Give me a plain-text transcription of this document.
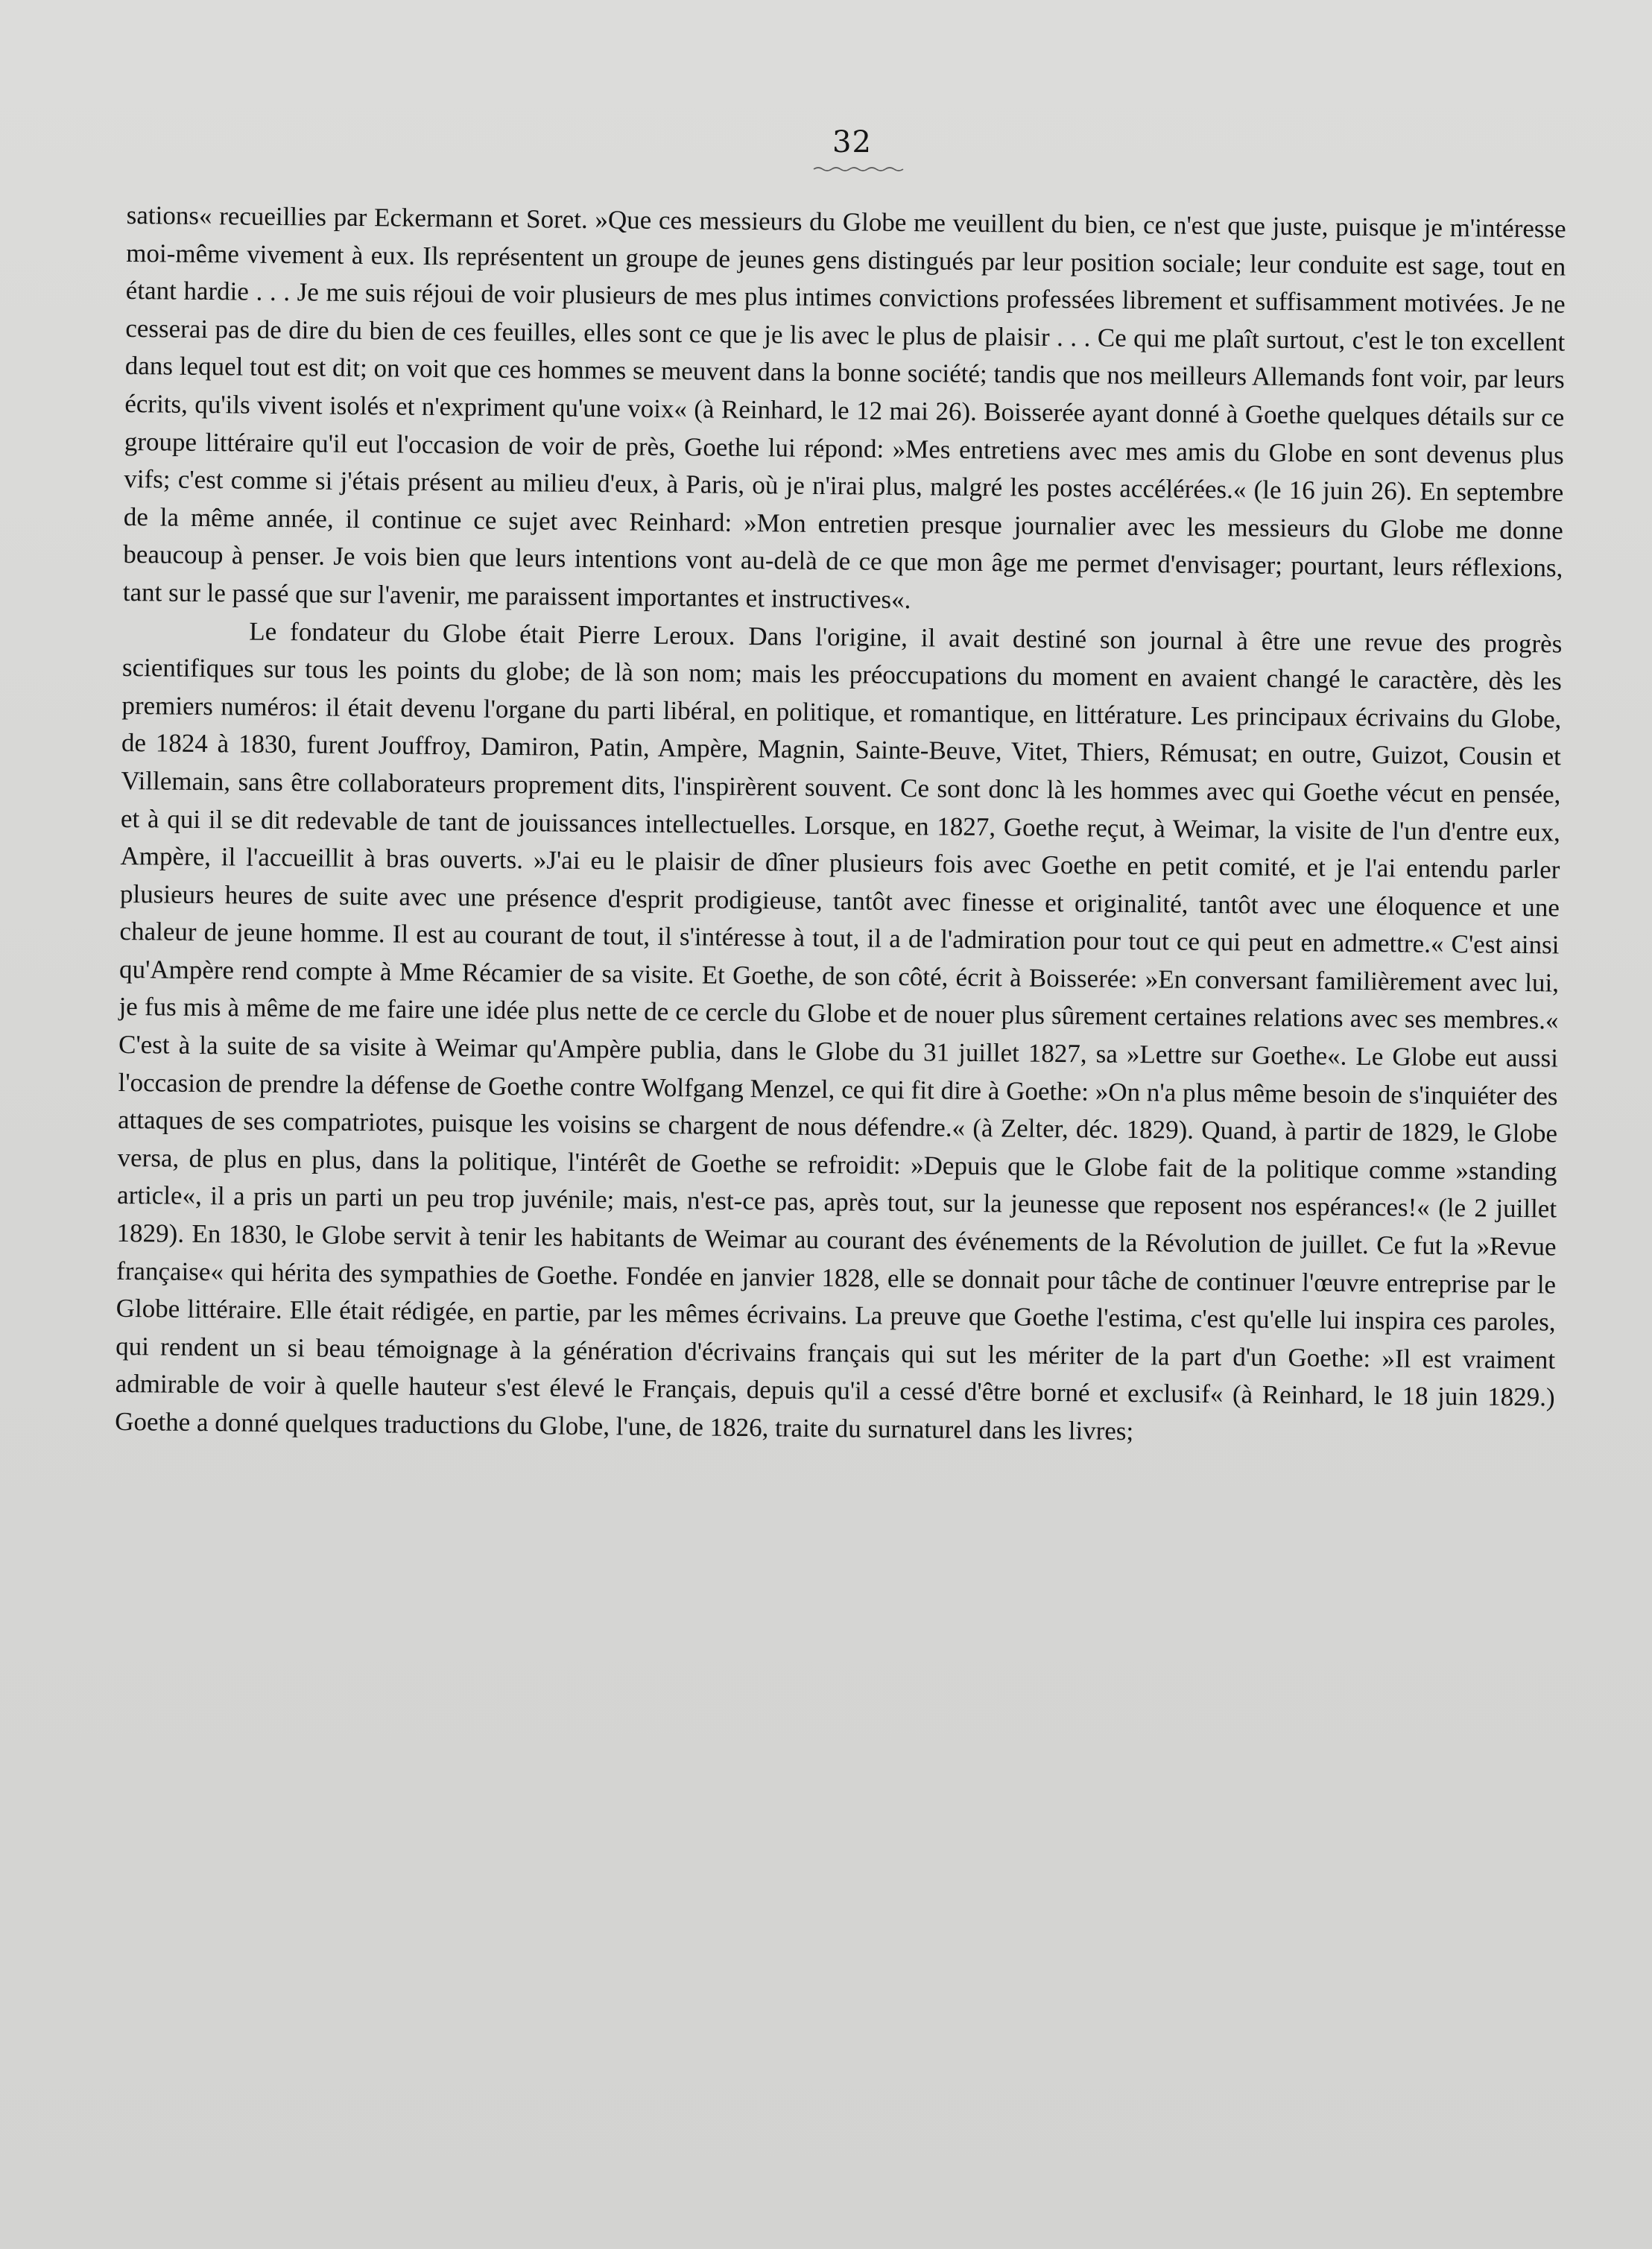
32

sations« recueillies par Eckermann et Soret. »Que ces messieurs du Globe me veuillent du bien, ce n'est que juste, puisque je m'intéresse moi-même vivement à eux. Ils représentent un groupe de jeunes gens distingués par leur position sociale; leur conduite est sage, tout en étant hardie . . . Je me suis réjoui de voir plusieurs de mes plus intimes convictions professées librement et suffisamment motivées. Je ne cesserai pas de dire du bien de ces feuilles, elles sont ce que je lis avec le plus de plaisir . . . Ce qui me plaît surtout, c'est le ton excellent dans lequel tout est dit; on voit que ces hommes se meuvent dans la bonne société; tandis que nos meilleurs Allemands font voir, par leurs écrits, qu'ils vivent isolés et n'expriment qu'une voix« (à Reinhard, le 12 mai 26). Boisserée ayant donné à Goethe quelques détails sur ce groupe littéraire qu'il eut l'occasion de voir de près, Goethe lui répond: »Mes entretiens avec mes amis du Globe en sont devenus plus vifs; c'est comme si j'étais présent au milieu d'eux, à Paris, où je n'irai plus, malgré les postes accélérées.« (le 16 juin 26). En septembre de la même année, il continue ce sujet avec Reinhard: »Mon entretien presque journalier avec les messieurs du Globe me donne beaucoup à penser. Je vois bien que leurs intentions vont au-delà de ce que mon âge me permet d'envisager; pourtant, leurs réflexions, tant sur le passé que sur l'avenir, me paraissent importantes et instructives«.

Le fondateur du Globe était Pierre Leroux. Dans l'origine, il avait destiné son journal à être une revue des progrès scientifiques sur tous les points du globe; de là son nom; mais les préoccupations du moment en avaient changé le caractère, dès les premiers numéros: il était devenu l'organe du parti libéral, en politique, et romantique, en littérature. Les principaux écrivains du Globe, de 1824 à 1830, furent Jouffroy, Damiron, Patin, Ampère, Magnin, Sainte-Beuve, Vitet, Thiers, Rémusat; en outre, Guizot, Cousin et Villemain, sans être collaborateurs proprement dits, l'inspirèrent souvent. Ce sont donc là les hommes avec qui Goethe vécut en pensée, et à qui il se dit redevable de tant de jouissances intellectuelles. Lorsque, en 1827, Goethe reçut, à Weimar, la visite de l'un d'entre eux, Ampère, il l'accueillit à bras ouverts. »J'ai eu le plaisir de dîner plusieurs fois avec Goethe en petit comité, et je l'ai entendu parler plusieurs heures de suite avec une présence d'esprit prodigieuse, tantôt avec finesse et originalité, tantôt avec une éloquence et une chaleur de jeune homme. Il est au courant de tout, il s'intéresse à tout, il a de l'admiration pour tout ce qui peut en admettre.« C'est ainsi qu'Ampère rend compte à Mme Récamier de sa visite. Et Goethe, de son côté, écrit à Boisserée: »En conversant familièrement avec lui, je fus mis à même de me faire une idée plus nette de ce cercle du Globe et de nouer plus sûrement certaines relations avec ses membres.« C'est à la suite de sa visite à Weimar qu'Ampère publia, dans le Globe du 31 juillet 1827, sa »Lettre sur Goethe«. Le Globe eut aussi l'occasion de prendre la défense de Goethe contre Wolfgang Menzel, ce qui fit dire à Goethe: »On n'a plus même besoin de s'inquiéter des attaques de ses compatriotes, puisque les voisins se chargent de nous défendre.« (à Zelter, déc. 1829). Quand, à partir de 1829, le Globe versa, de plus en plus, dans la politique, l'intérêt de Goethe se refroidit: »Depuis que le Globe fait de la politique comme »standing article«, il a pris un parti un peu trop juvénile; mais, n'est-ce pas, après tout, sur la jeunesse que reposent nos espérances!« (le 2 juillet 1829). En 1830, le Globe servit à tenir les habitants de Weimar au courant des événements de la Révolution de juillet. Ce fut la »Revue française« qui hérita des sympathies de Goethe. Fondée en janvier 1828, elle se donnait pour tâche de continuer l'œuvre entreprise par le Globe littéraire. Elle était rédigée, en partie, par les mêmes écrivains. La preuve que Goethe l'estima, c'est qu'elle lui inspira ces paroles, qui rendent un si beau témoignage à la génération d'écrivains français qui sut les mériter de la part d'un Goethe: »Il est vraiment admirable de voir à quelle hauteur s'est élevé le Français, depuis qu'il a cessé d'être borné et exclusif« (à Reinhard, le 18 juin 1829.) Goethe a donné quelques traductions du Globe, l'une, de 1826, traite du surnaturel dans les livres;
